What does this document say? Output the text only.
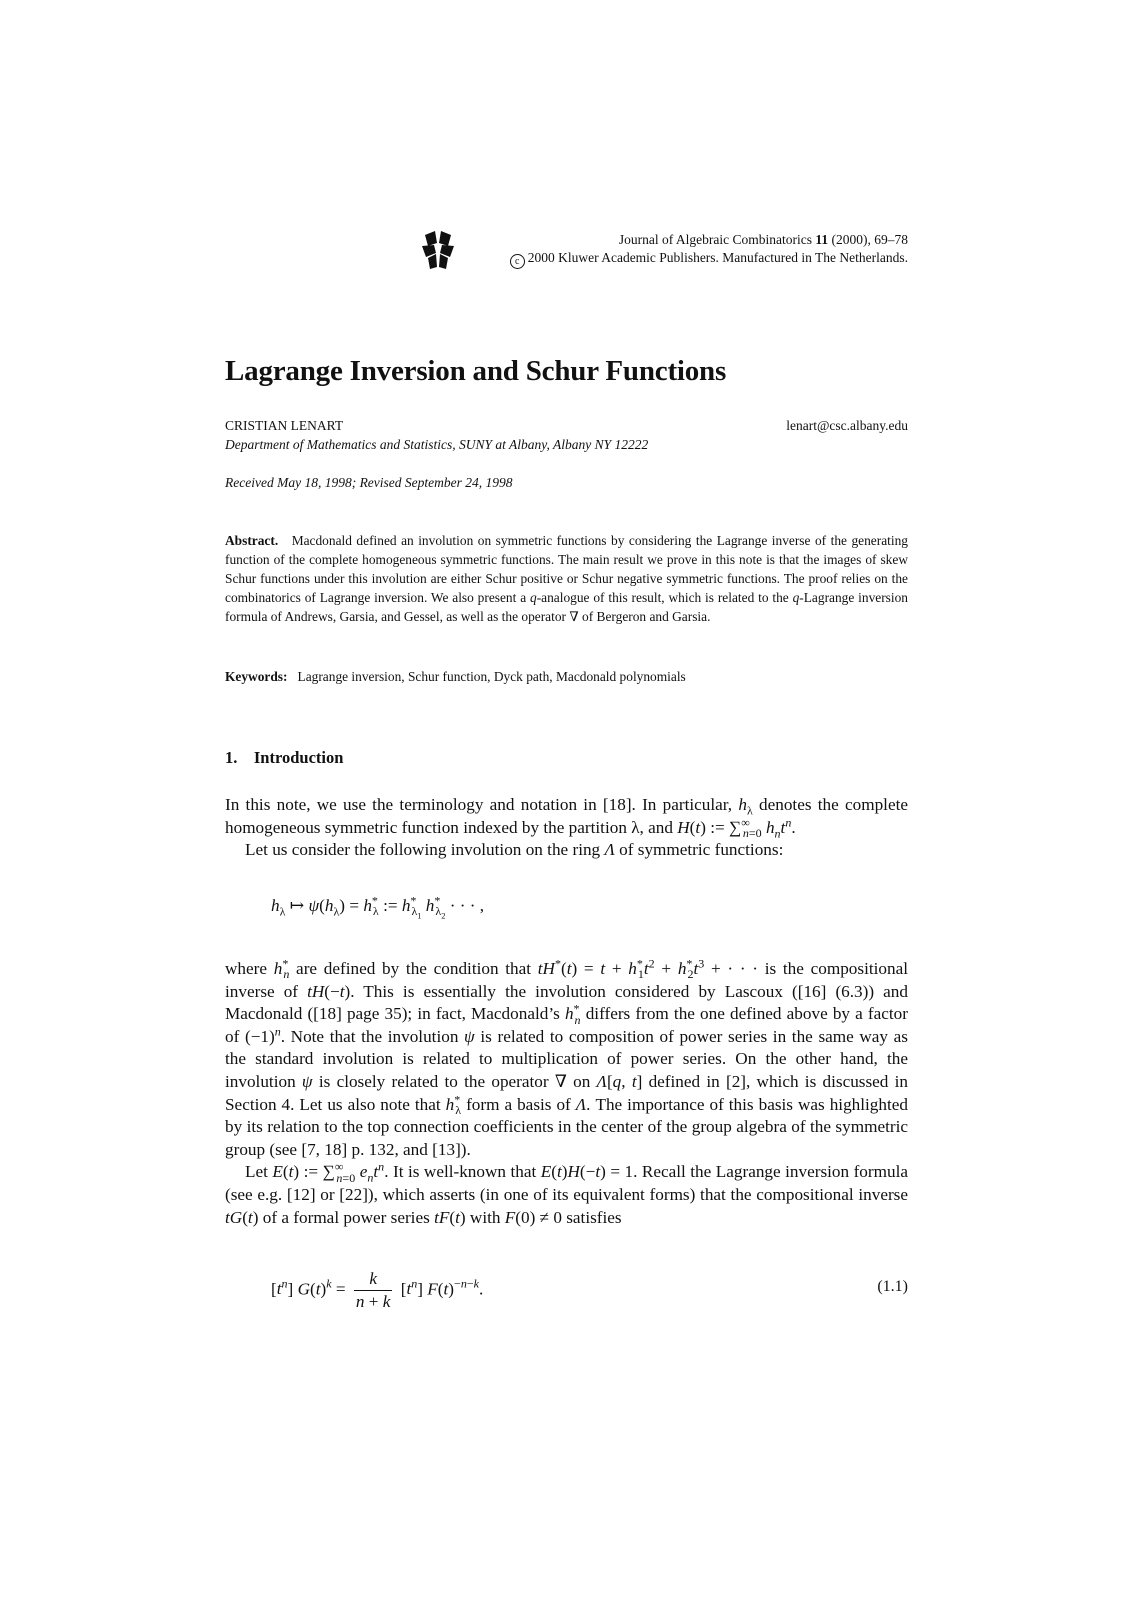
Journal of Algebraic Combinatorics 11 (2000), 69–78
c 2000 Kluwer Academic Publishers. Manufactured in The Netherlands.
Lagrange Inversion and Schur Functions
CRISTIAN LENART	lenart@csc.albany.edu
Department of Mathematics and Statistics, SUNY at Albany, Albany NY 12222
Received May 18, 1998; Revised September 24, 1998

Abstract. Macdonald defined an involution on symmetric functions by considering the Lagrange inverse of the generating function of the complete homogeneous symmetric functions. The main result we prove in this note is that the images of skew Schur functions under this involution are either Schur positive or Schur negative symmetric functions. The proof relies on the combinatorics of Lagrange inversion. We also present a q-analogue of this result, which is related to the q-Lagrange inversion formula of Andrews, Garsia, and Gessel, as well as the operator ∇ of Bergeron and Garsia.

Keywords: Lagrange inversion, Schur function, Dyck path, Macdonald polynomials
1. Introduction

In this note, we use the terminology and notation in [18]. In particular, $h_\lambda$ denotes the complete homogeneous symmetric function indexed by the partition λ, and H(t) := $\sum^\infty_{n=0}$ $h_nt^n$.
Let us consider the following involution on the ring Λ of symmetric functions:

$h_\lambda$ ↦ $\psi(h_\lambda) = h^*_\lambda$ := $h^*_{\lambda_1}$ $h^*_{\lambda_2}$ · · · ,

where $h^*_n$ are defined by the condition that $tH^*(t) = t + h^*_1t^2 + h^*_2t^3$ + · · · is the compositional inverse of tH(−t). This is essentially the involution considered by Lascoux ([16] (6.3)) and Macdonald ([18] page 35); in fact, Macdonald’s $h^*_n$ differs from the one defined above by a factor of $(-1)^n$. Note that the involution ψ is related to composition of power series in the same way as the standard involution is related to multiplication of power series. On the other hand, the involution ψ is closely related to the operator ∇ on Λ[q, t] defined in [2], which is discussed in Section 4. Let us also note that $h^*_\lambda$ form a basis of Λ. The importance of this basis was highlighted by its relation to the top connection coefficients in the center of the group algebra of the symmetric group (see [7, 18] p. 132, and [13]).
Let E(t) := $\sum^\infty_{n=0}$ $e_nt^n$. It is well-known that E(t)H(−t) = 1. Recall the Lagrange inversion formula (see e.g. [12] or [22]), which asserts (in one of its equivalent forms) that the compositional inverse tG(t) of a formal power series tF(t) with F(0) ≠ 0 satisfies

$[t^n] G(t)^k = \frac{k}{n + k} [t^n]$ $F(t)^{-n-k}$.	(1.1)
